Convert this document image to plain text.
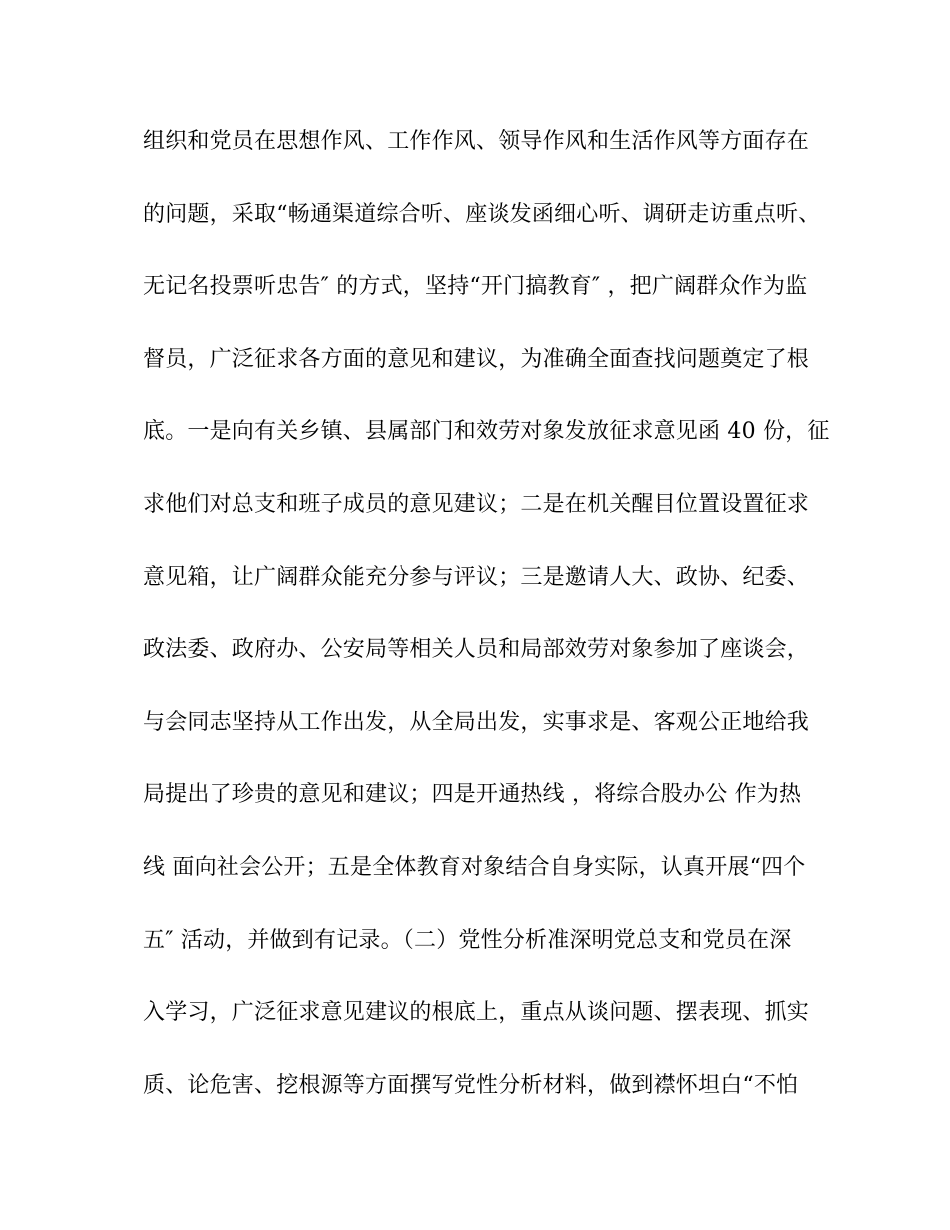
组织和党员在思想作风、工作作风、领导作风和生活作风等方面存在
的问题，采取“畅通渠道综合听、座谈发函细心听、调研走访重点听、
无记名投票听忠告″ 的方式，坚持“开门搞教育″ ，把广阔群众作为监
督员，广泛征求各方面的意见和建议，为准确全面查找问题奠定了根
底。一是向有关乡镇、县属部门和效劳对象发放征求意见函 40 份，征
求他们对总支和班子成员的意见建议；二是在机关醒目位置设置征求
意见箱，让广阔群众能充分参与评议；三是邀请人大、政协、纪委、
政法委、政府办、公安局等相关人员和局部效劳对象参加了座谈会，
与会同志坚持从工作出发，从全局出发，实事求是、客观公正地给我
局提出了珍贵的意见和建议；四是开通热线 ，将综合股办公 作为热
线 面向社会公开；五是全体教育对象结合自身实际，认真开展“四个
五″ 活动，并做到有记录。（二）党性分析准深明党总支和党员在深
入学习，广泛征求意见建议的根底上，重点从谈问题、摆表现、抓实
质、论危害、挖根源等方面撰写党性分析材料，做到襟怀坦白“不怕
